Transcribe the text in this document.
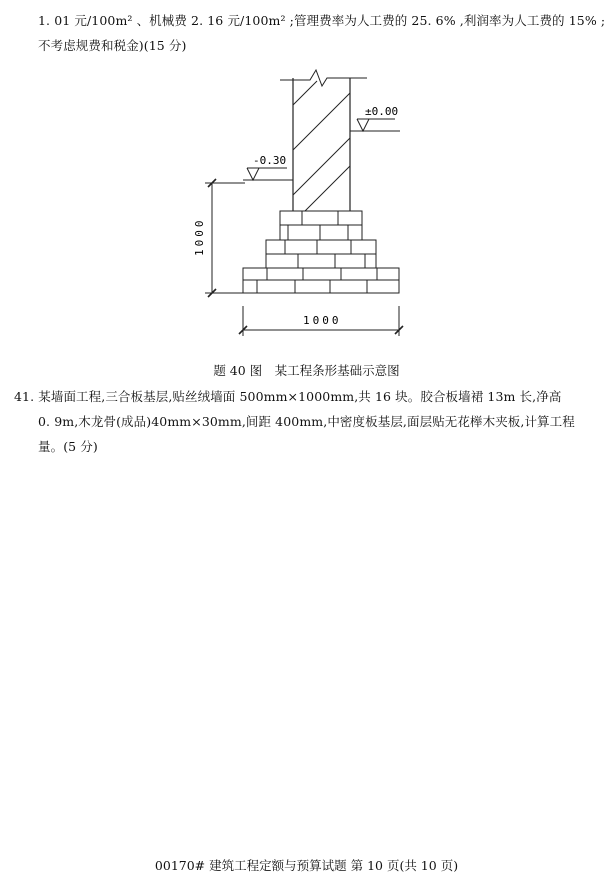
1. 01 元/100m² 、机械费 2. 16 元/100m² ;管理费率为人工费的 25. 6% ,利润率为人工费的 15% ;
不考虑规费和税金)(15 分)
±0.00
-0.30
1000
1000
题 40 图　某工程条形基础示意图
41. 某墙面工程,三合板基层,贴丝绒墙面 500mm×1000mm,共 16 块。胶合板墙裙 13m 长,净高
0. 9m,木龙骨(成品)40mm×30mm,间距 400mm,中密度板基层,面层贴无花榉木夹板,计算工程
量。(5 分)
00170# 建筑工程定额与预算试题 第 10 页(共 10 页)
